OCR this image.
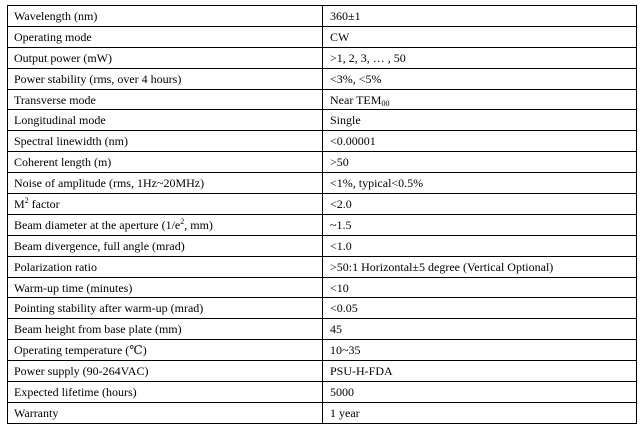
Wavelength (nm)	360±1
Operating mode	CW
Output power (mW)	>1, 2, 3, … , 50
Power stability (rms, over 4 hours)	<3%, <5%
Transverse mode	Near $TEM_{00}$
Longitudinal mode	Single
Spectral linewidth (nm)	<0.00001
Coherent length (m)	>50
Noise of amplitude (rms, 1Hz~20MHz)	<1%, typical<0.5%
$M^2$ factor	<2.0
Beam diameter at the aperture ($1/e^2$, mm)	~1.5
Beam divergence, full angle (mrad)	<1.0
Polarization ratio	>50:1 Horizontal±5 degree (Vertical Optional)
Warm-up time (minutes)	<10
Pointing stability after warm-up (mrad)	<0.05
Beam height from base plate (mm)	45
Operating temperature (℃)	10~35
Power supply (90-264VAC)	PSU-H-FDA
Expected lifetime (hours)	5000
Warranty	1 year
